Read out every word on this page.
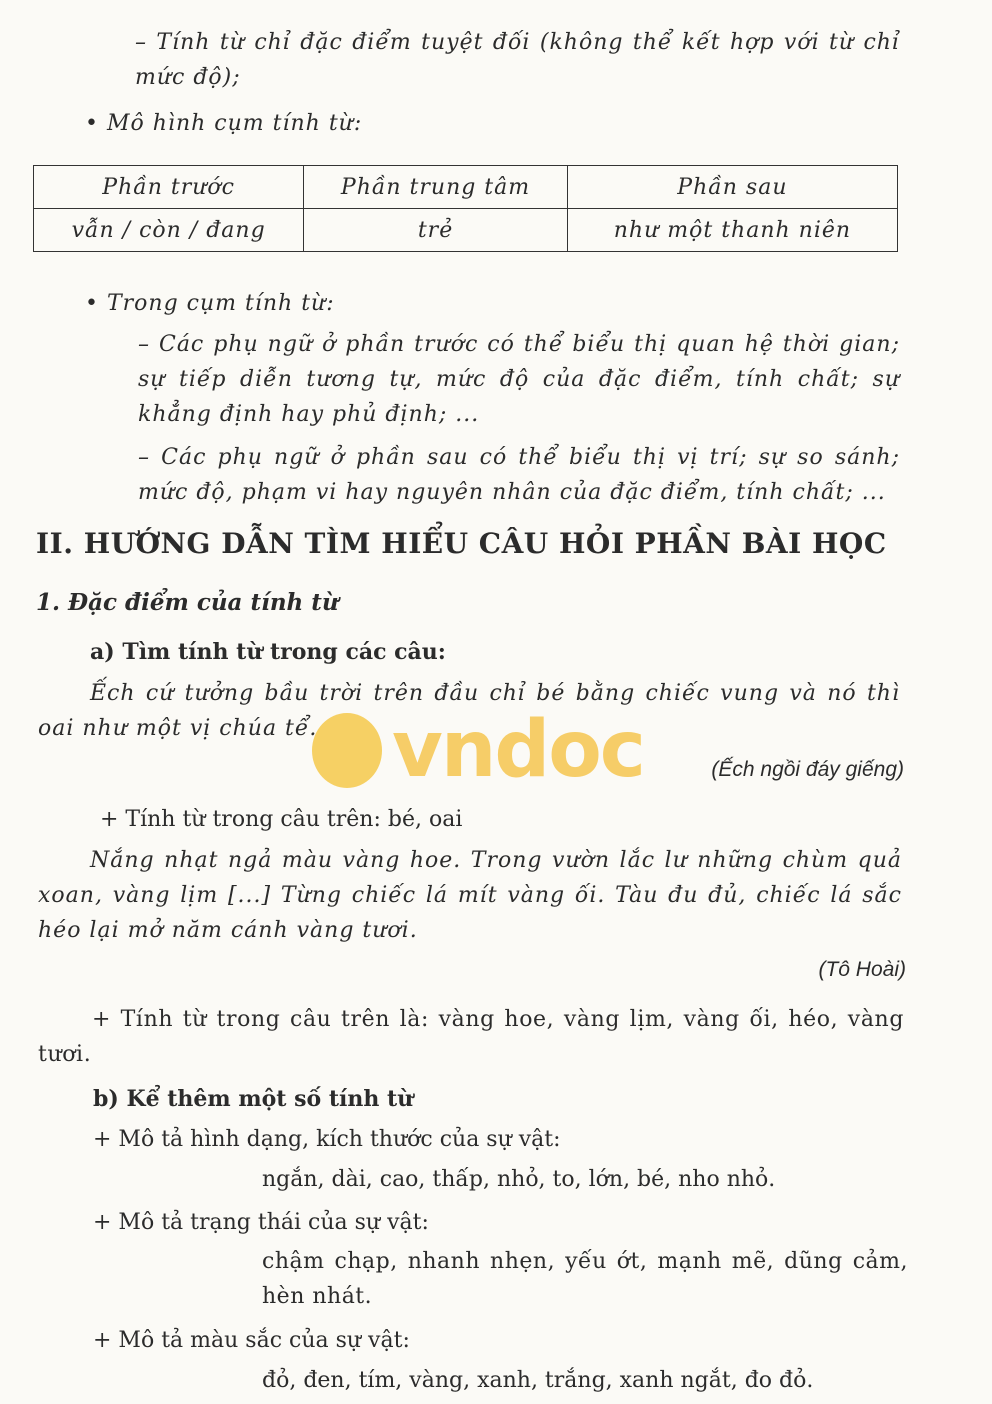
– Tính từ chỉ đặc điểm tuyệt đối (không thể kết hợp với từ chỉ mức độ);
• Mô hình cụm tính từ:
Phần trước	Phần trung tâm	Phần sau
vẫn / còn / đang	trẻ	như một thanh niên
• Trong cụm tính từ:
– Các phụ ngữ ở phần trước có thể biểu thị quan hệ thời gian; sự tiếp diễn tương tự, mức độ của đặc điểm, tính chất; sự khẳng định hay phủ định; ...
– Các phụ ngữ ở phần sau có thể biểu thị vị trí; sự so sánh; mức độ, phạm vi hay nguyên nhân của đặc điểm, tính chất; ...
II. HƯỚNG DẪN TÌM HIỂU CÂU HỎI PHẦN BÀI HỌC
1. Đặc điểm của tính từ
a) Tìm tính từ trong các câu:
Ếch cứ tưởng bầu trời trên đầu chỉ bé bằng chiếc vung và nó thì oai như một vị chúa tể. vndoc	(Ếch ngồi đáy giếng)
+ Tính từ trong câu trên: bé, oai
Nắng nhạt ngả màu vàng hoe. Trong vườn lắc lư những chùm quả xoan, vàng lịm [...] Từng chiếc lá mít vàng ối. Tàu đu đủ, chiếc lá sắc héo lại mở năm cánh vàng tươi.
(Tô Hoài)
+ Tính từ trong câu trên là: vàng hoe, vàng lịm, vàng ối, héo, vàng tươi.
b) Kể thêm một số tính từ
+ Mô tả hình dạng, kích thước của sự vật:
ngắn, dài, cao, thấp, nhỏ, to, lớn, bé, nho nhỏ.
+ Mô tả trạng thái của sự vật:
chậm chạp, nhanh nhẹn, yếu ớt, mạnh mẽ, dũng cảm, hèn nhát.
+ Mô tả màu sắc của sự vật:
đỏ, đen, tím, vàng, xanh, trắng, xanh ngắt, đo đỏ.
